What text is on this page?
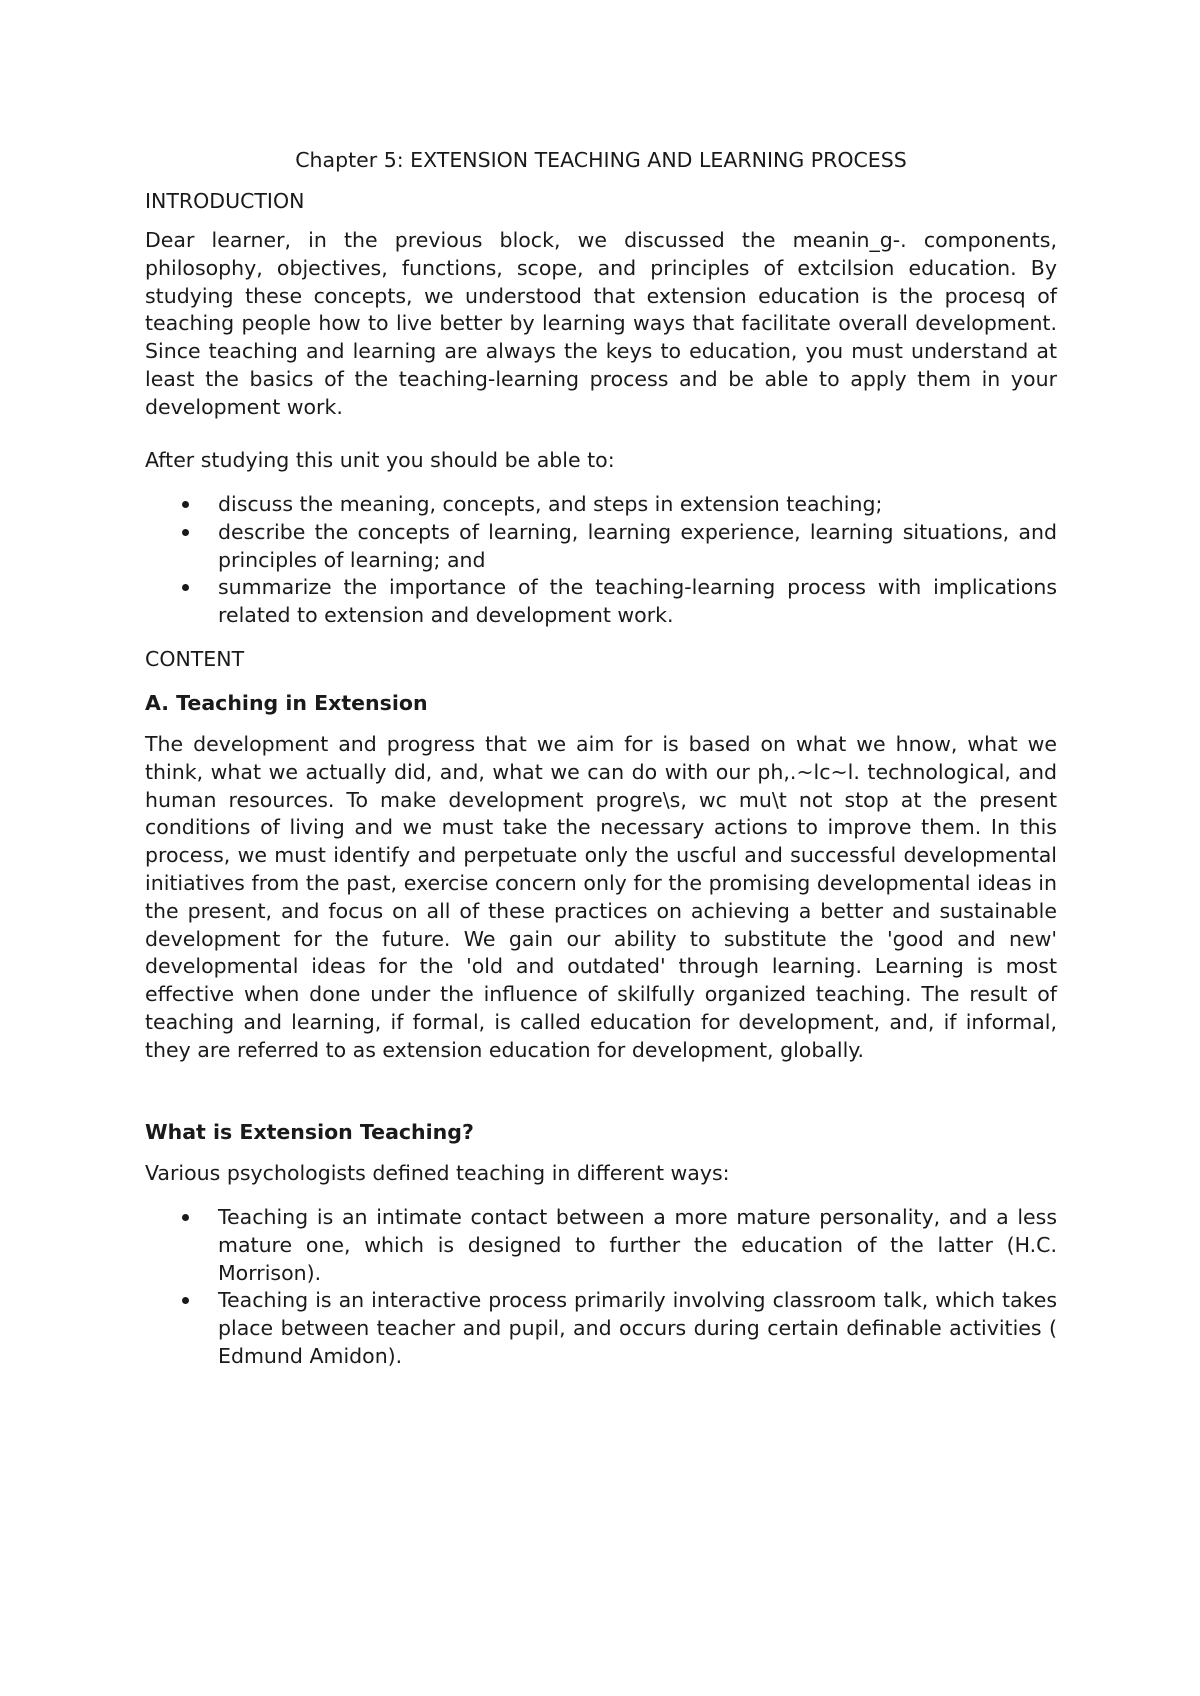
Chapter 5: EXTENSION TEACHING AND LEARNING PROCESS
INTRODUCTION

Dear learner, in the previous block, we discussed the meanin_g-. components, philosophy, objectives, functions, scope, and principles of extcilsion education. By studying these concepts, we understood that extension education is the procesq of teaching people how to live better by learning ways that facilitate overall development. Since teaching and learning are always the keys to education, you must understand at least the basics of the teaching-learning process and be able to apply them in your development work.

After studying this unit you should be able to:

discuss the meaning, concepts, and steps in extension teaching;
describe the concepts of learning, learning experience, learning situations, and principles of learning; and
summarize the importance of the teaching-learning process with implications related to extension and development work.
CONTENT
A. Teaching in Extension

The development and progress that we aim for is based on what we hnow, what we think, what we actually did, and, what we can do with our ph,.~lc~l. technological, and human resources. To make development progre\s, wc mu\t not stop at the present conditions of living and we must take the necessary actions to improve them. In this process, we must identify and perpetuate only the uscful and successful developmental initiatives from the past, exercise concern only for the promising developmental ideas in the present, and focus on all of these practices on achieving a better and sustainable development for the future. We gain our ability to substitute the 'good and new' developmental ideas for the 'old and outdated' through learning. Learning is most effective when done under the influence of skilfully organized teaching. The result of teaching and learning, if formal, is called education for development, and, if informal, they are referred to as extension education for development, globally.

What is Extension Teaching?

Various psychologists defined teaching in different ways:

Teaching is an intimate contact between a more mature personality, and a less mature one, which is designed to further the education of the latter (H.C. Morrison).
Teaching is an interactive process primarily involving classroom talk, which takes place between teacher and pupil, and occurs during certain definable activities ( Edmund Amidon).
